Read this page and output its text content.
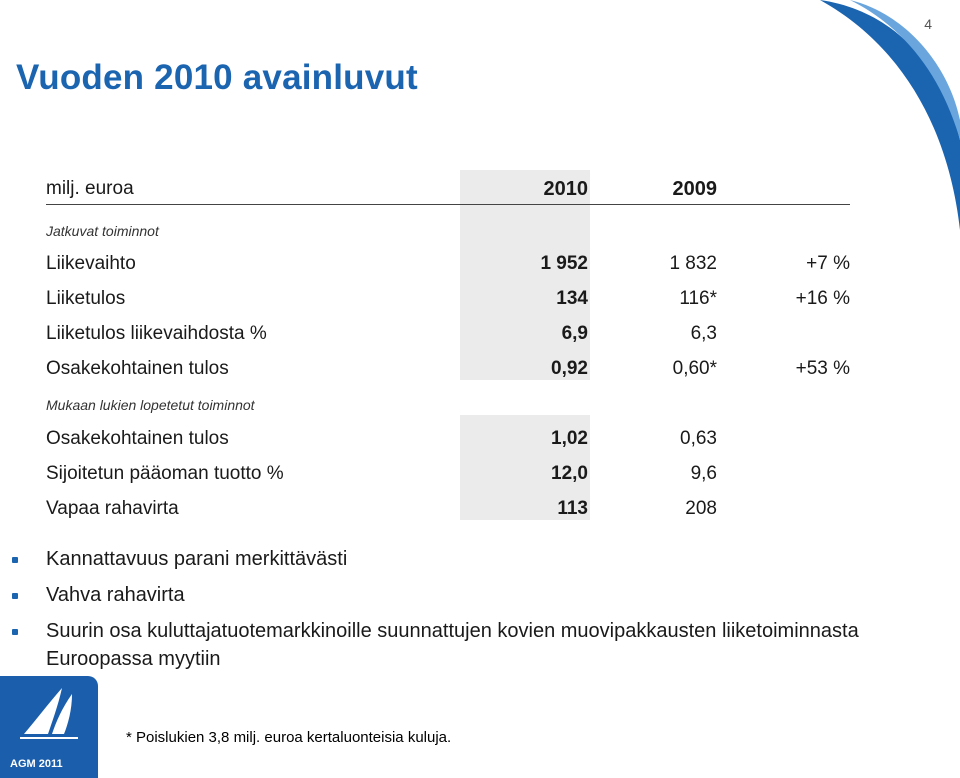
4
Vuoden 2010 avainluvut
milj. euroa	2010	2009
Jatkuvat toiminnot
Liikevaihto	1 952	1 832	+7 %
Liiketulos	134	116*	+16 %
Liiketulos liikevaihdosta %	6,9	6,3
Osakekohtainen tulos	0,92	0,60*	+53 %
Mukaan lukien lopetetut toiminnot
Osakekohtainen tulos	1,02	0,63
Sijoitetun pääoman tuotto %	12,0	9,6
Vapaa rahavirta	113	208
Kannattavuus parani merkittävästi
Vahva rahavirta
Suurin osa kuluttajatuotemarkkinoille suunnattujen kovien muovipakkausten liiketoiminnasta Euroopassa myytiin
AGM 2011
* Poislukien 3,8 milj. euroa kertaluonteisia kuluja.
